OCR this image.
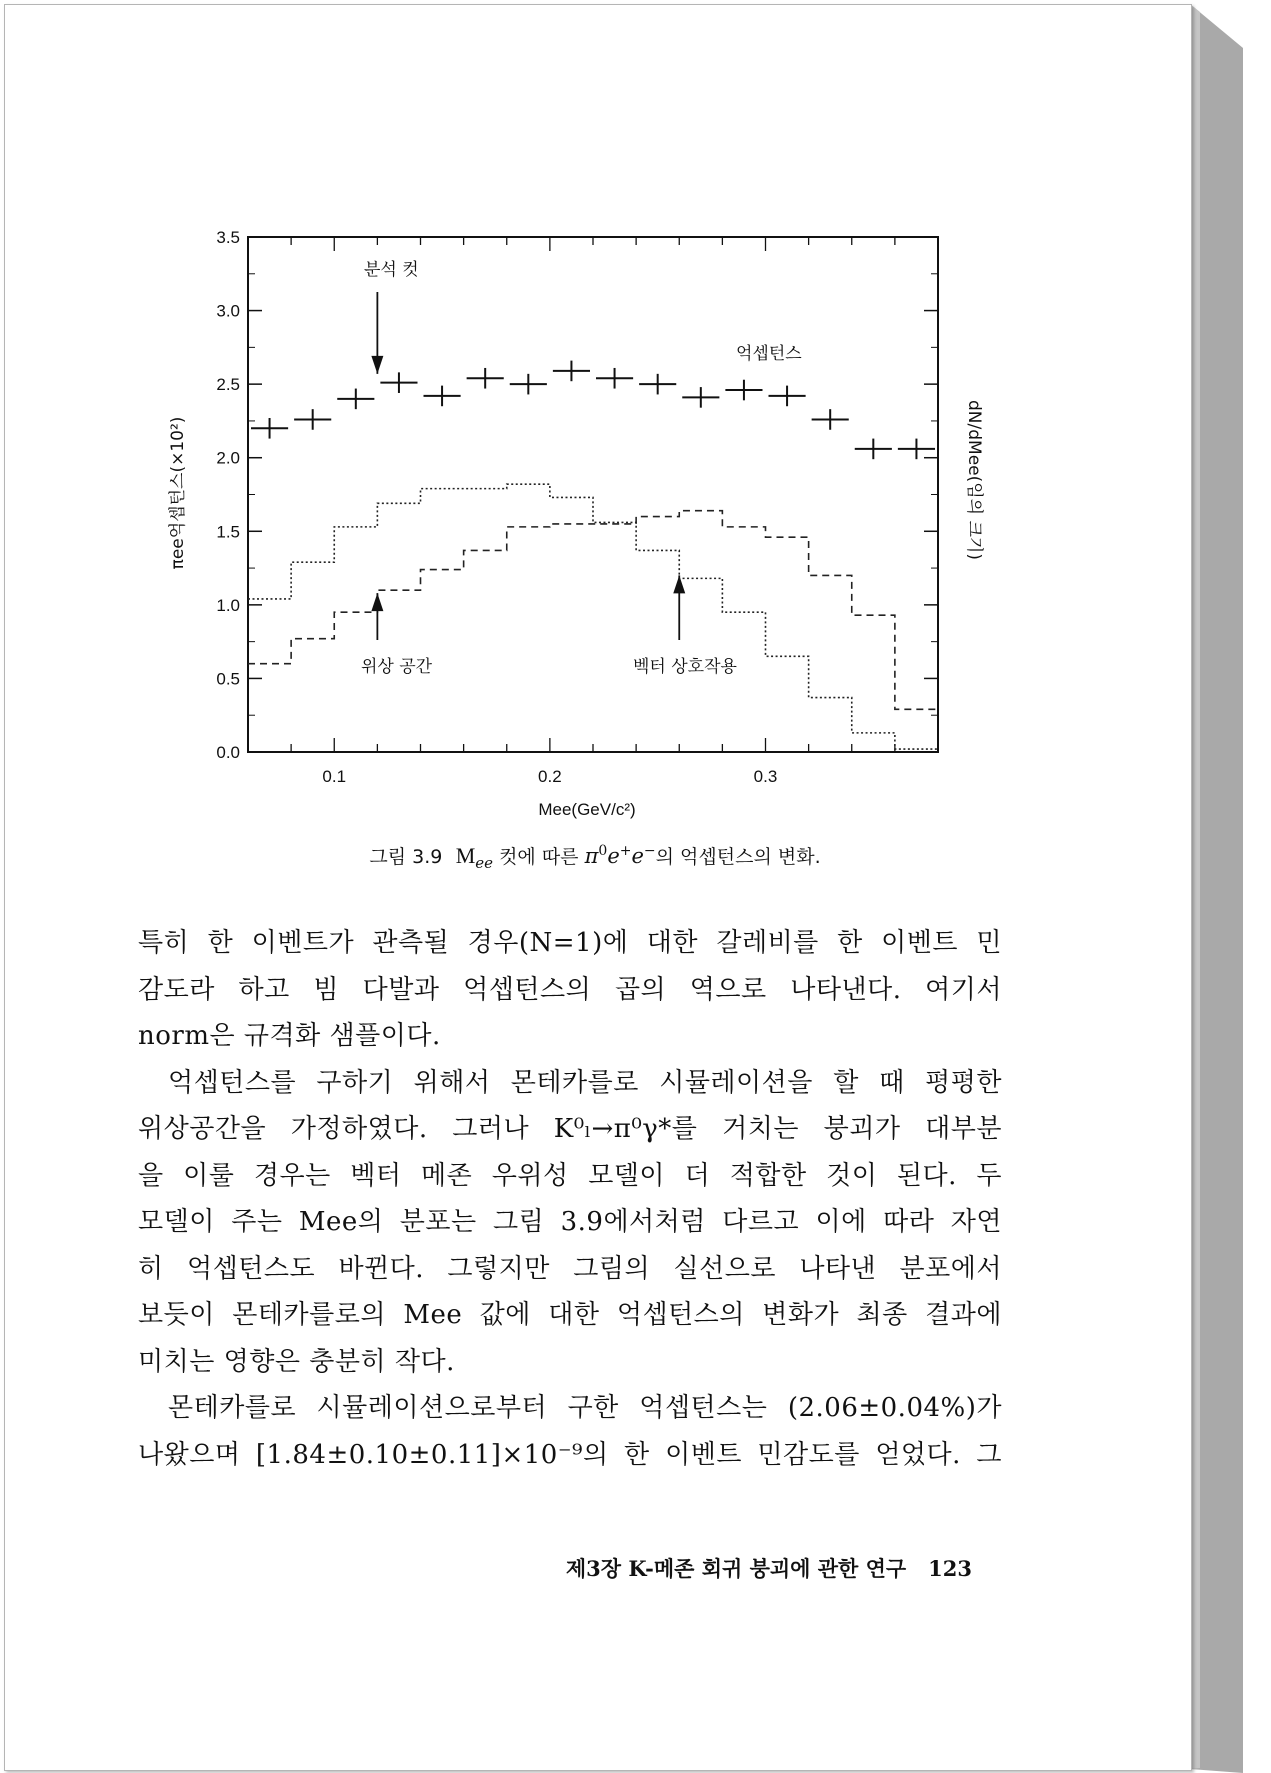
0.0
0.5
1.0
1.5
2.0
2.5
3.0
3.5
0.1	0.2	0.3
분석 컷
억셉턴스
위상 공간	벡터 상호작용
πee억셉턴스(×10²)	dN/dMee(임의 크기)
Mee(GeV/c²)
그림 3.9 $M_{ee}$ 컷에 따른 $\pi^0e^+e^-$의 억셉턴스의 변화.

특히 한 이벤트가 관측될 경우(N=1)에 대한 갈레비를 한 이벤트 민
감도라 하고 빔 다발과 억셉턴스의 곱의 역으로 나타낸다. 여기서
norm은 규격화 샘플이다.

억셉턴스를 구하기 위해서 몬테카를로 시뮬레이션을 할 때 평평한
위상공간을 가정하였다. 그러나 K⁰ₗ→π⁰γ*를 거치는 붕괴가 대부분
을 이룰 경우는 벡터 메존 우위성 모델이 더 적합한 것이 된다. 두
모델이 주는 Mee의 분포는 그림 3.9에서처럼 다르고 이에 따라 자연
히 억셉턴스도 바뀐다. 그렇지만 그림의 실선으로 나타낸 분포에서
보듯이 몬테카를로의 Mee 값에 대한 억셉턴스의 변화가 최종 결과에
미치는 영향은 충분히 작다.

몬테카를로 시뮬레이션으로부터 구한 억셉턴스는 (2.06±0.04%)가
나왔으며 [1.84±0.10±0.11]×10⁻⁹의 한 이벤트 민감도를 얻었다. 그

제3장 K-메존 회귀 붕괴에 관한 연구 123
